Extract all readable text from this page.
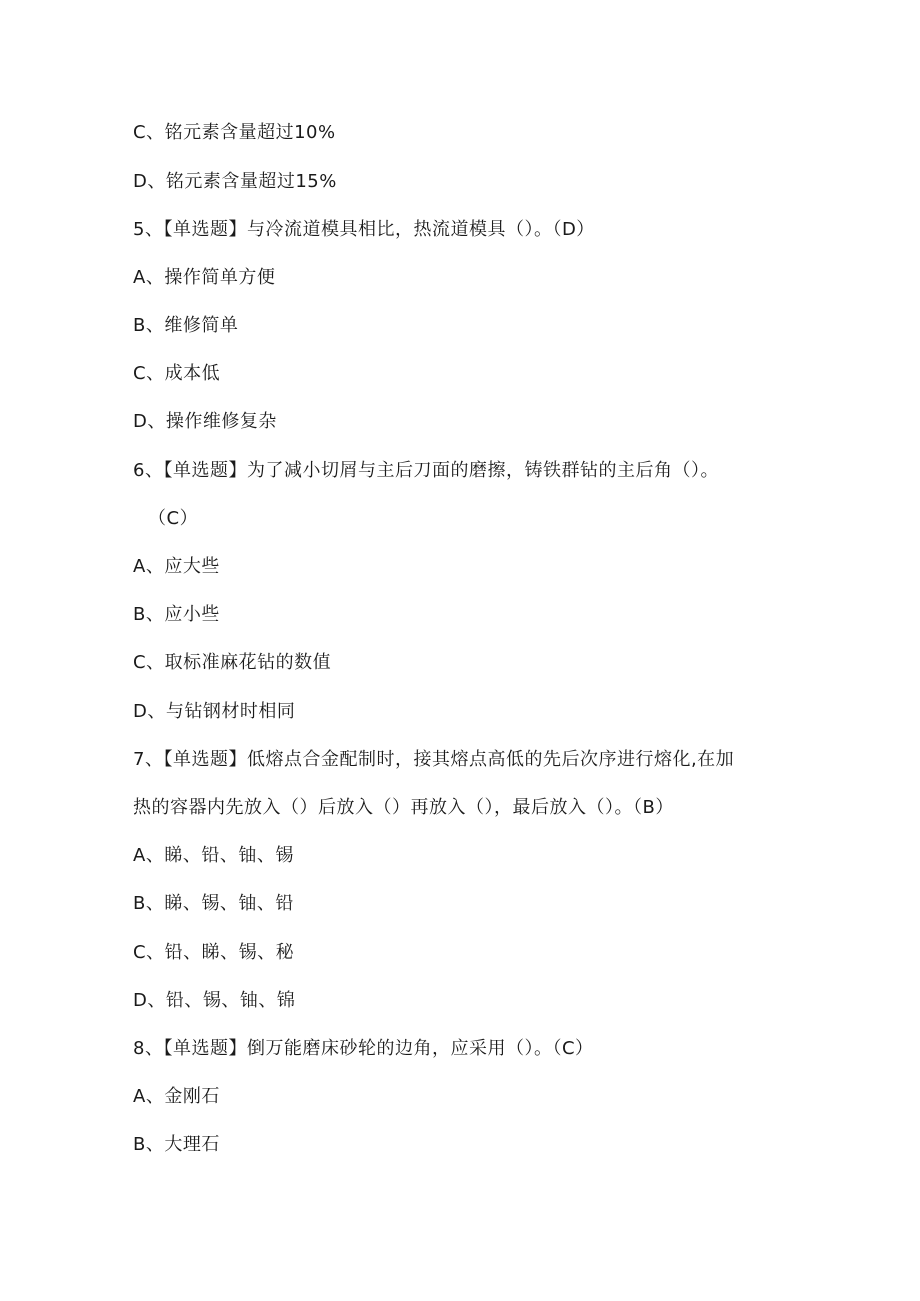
C、铭元素含量超过10%
D、铭元素含量超过15%
5、【单选题】与冷流道模具相比，热流道模具（）。（D）
A、操作简单方便
B、维修简单
C、成本低
D、操作维修复杂
6、【单选题】为了减小切屑与主后刀面的磨擦，铸铁群钻的主后角（）。
（C）
A、应大些
B、应小些
C、取标准麻花钻的数值
D、与钻钢材时相同
7、【单选题】低熔点合金配制时，接其熔点高低的先后次序进行熔化,在加
热的容器内先放入（）后放入（）再放入（），最后放入（）。（B）
A、睇、铅、铀、锡
B、睇、锡、铀、铅
C、铅、睇、锡、秘
D、铅、锡、铀、锦
8、【单选题】倒万能磨床砂轮的边角，应采用（）。（C）
A、金刚石
B、大理石
